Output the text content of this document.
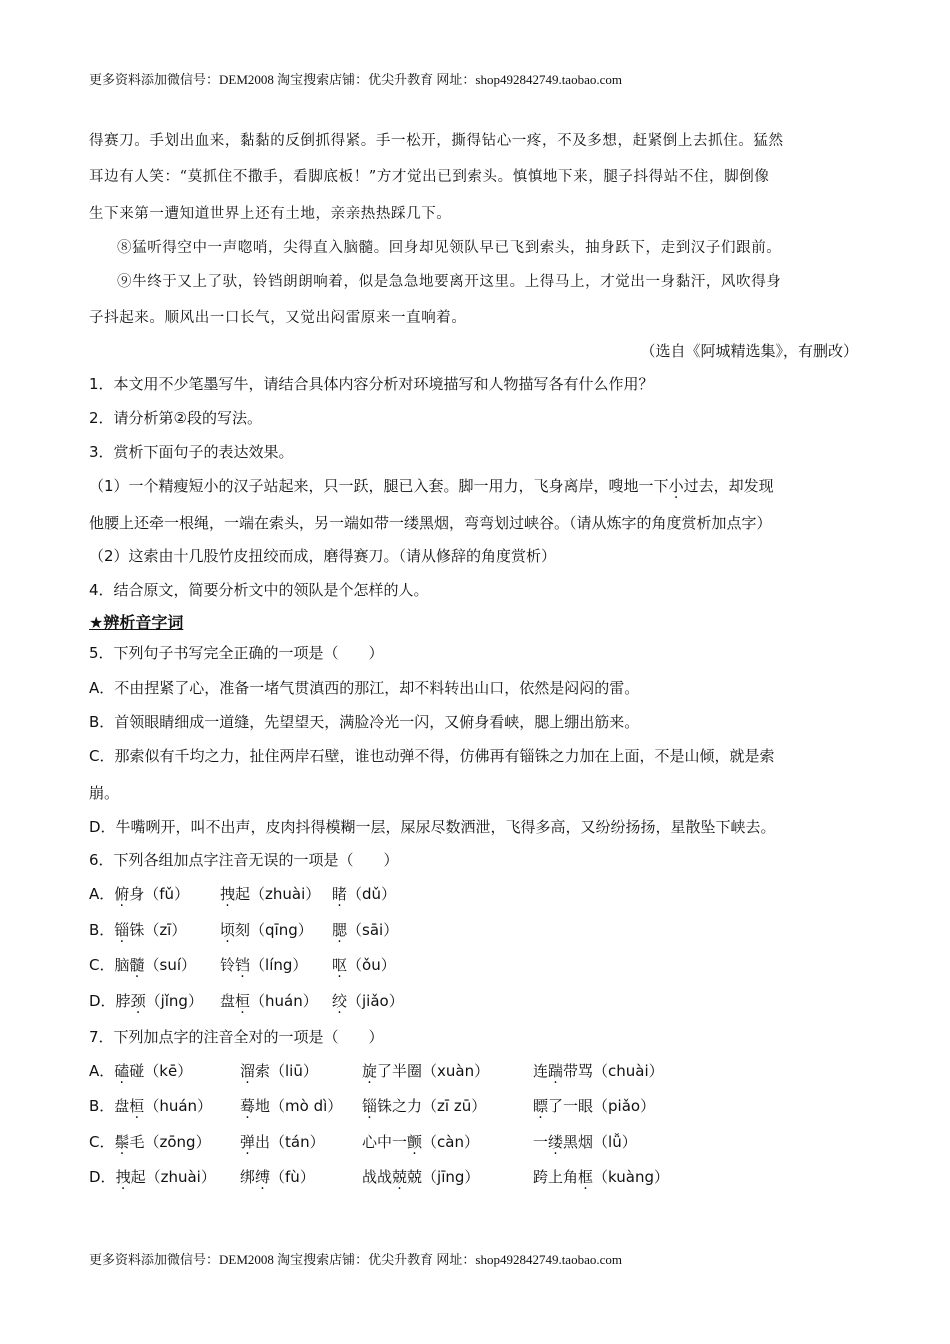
更多资料添加微信号：DEM2008 淘宝搜索店铺：优尖升教育 网址：shop492842749.taobao.com
得赛刀。手划出血来，黏黏的反倒抓得紧。手一松开，撕得钻心一疼，不及多想，赶紧倒上去抓住。猛然
耳边有人笑：“莫抓住不撒手，看脚底板！”方才觉出已到索头。慎慎地下来，腿子抖得站不住，脚倒像
生下来第一遭知道世界上还有土地，亲亲热热踩几下。
⑧猛听得空中一声唿哨，尖得直入脑髓。回身却见领队早已飞到索头，抽身跃下，走到汉子们跟前。
⑨牛终于又上了驮，铃铛朗朗响着，似是急急地要离开这里。上得马上，才觉出一身黏汗，风吹得身
子抖起来。顺风出一口长气，又觉出闷雷原来一直响着。
（选自《阿城精选集》，有删改）
1．本文用不少笔墨写牛，请结合具体内容分析对环境描写和人物描写各有什么作用？
2．请分析第②段的写法。
3．赏析下面句子的表达效果。
（1）一个精瘦短小的汉子站起来，只一跃，腿已入套。脚一用力，飞身离岸，嗖地一下小过去，却发现
他腰上还牵一根绳，一端在索头，另一端如带一缕黑烟，弯弯划过峡谷。（请从炼字的角度赏析加点字）
（2）这索由十几股竹皮扭绞而成，磨得赛刀。（请从修辞的角度赏析）
4．结合原文，简要分析文中的领队是个怎样的人。
★辨析音字词
5．下列句子书写完全正确的一项是（　　）
A．不由捏紧了心，准备一堵气贯滇西的那江，却不料转出山口，依然是闷闷的雷。
B．首领眼睛细成一道缝，先望望天，满脸冷光一闪，又俯身看峡，腮上绷出筋来。
C．那索似有千均之力，扯住两岸石壁，谁也动弹不得，仿佛再有锱铢之力加在上面，不是山倾，就是索
崩。
D．牛嘴咧开，叫不出声，皮肉抖得模糊一层，屎尿尽数洒泄，飞得多高，又纷纷扬扬，星散坠下峡去。
6．下列各组加点字注音无误的一项是（　　）
A．俯身（fǔ） 拽起（zhuài） 睹（dǔ）
B．锱铢（zī） 顷刻（qīng） 腮（sāi）
C．脑髓（suí） 铃铛（líng） 呕（ǒu）
D．脖颈（jǐng） 盘桓（huán） 绞（jiǎo）
7．下列加点字的注音全对的一项是（　　）
A．磕碰（kē）	溜索（liū）	旋了半圈（xuàn）	连踹带骂（chuài）
B．盘桓（huán） 蓦地（mò dì） 锱铢之力（zī zū）	瞟了一眼（piǎo）
C．鬃毛（zōng） 弹出（tán） 心中一颤（càn）	一缕黑烟（lǚ）
D．拽起（zhuài） 绑缚（fù）	战战兢兢（jīng）	跨上角框（kuàng）
更多资料添加微信号：DEM2008 淘宝搜索店铺：优尖升教育 网址：shop492842749.taobao.com
